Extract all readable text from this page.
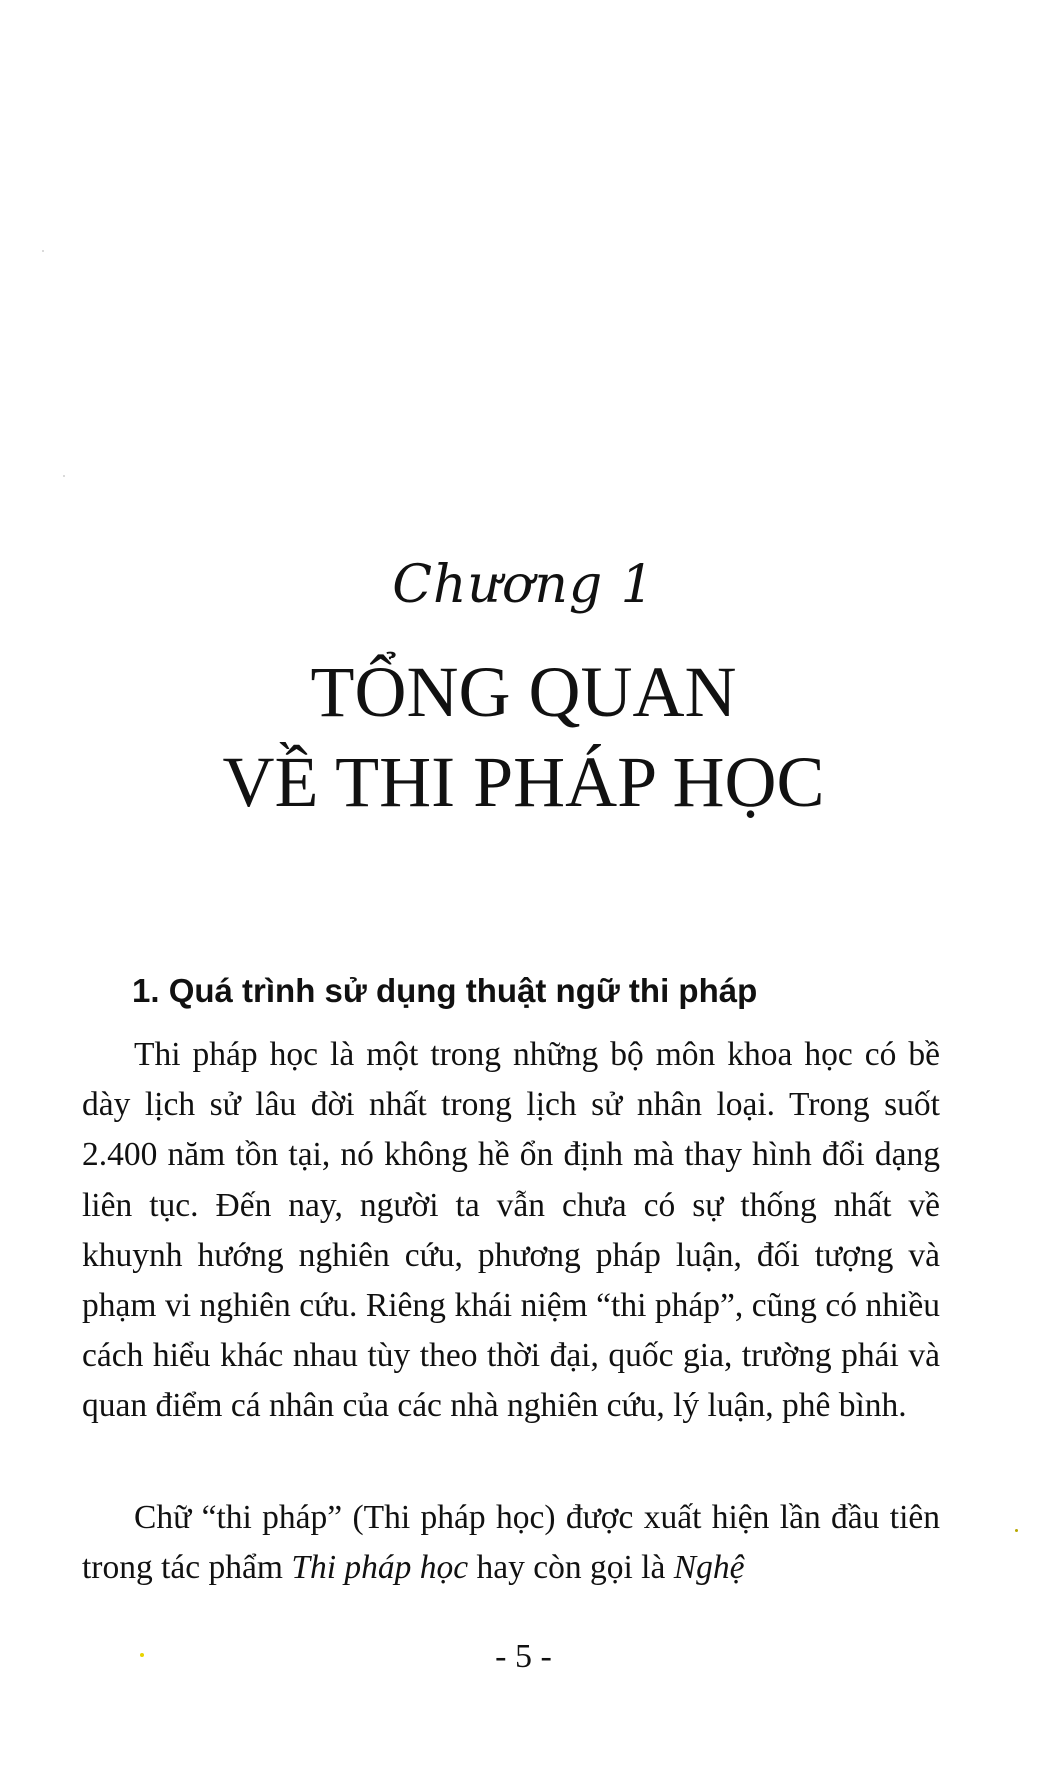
Chương 1
TỔNG QUAN
VỀ THI PHÁP HỌC
1. Quá trình sử dụng thuật ngữ thi pháp

Thi pháp học là một trong những bộ môn khoa học có bề dày lịch sử lâu đời nhất trong lịch sử nhân loại. Trong suốt 2.400 năm tồn tại, nó không hề ổn định mà thay hình đổi dạng liên tục. Đến nay, người ta vẫn chưa có sự thống nhất về khuynh hướng nghiên cứu, phương pháp luận, đối tượng và phạm vi nghiên cứu. Riêng khái niệm “thi pháp”, cũng có nhiều cách hiểu khác nhau tùy theo thời đại, quốc gia, trường phái và quan điểm cá nhân của các nhà nghiên cứu, lý luận, phê bình.

Chữ “thi pháp” (Thi pháp học) được xuất hiện lần đầu tiên trong tác phẩm Thi pháp học hay còn gọi là Nghệ

- 5 -
